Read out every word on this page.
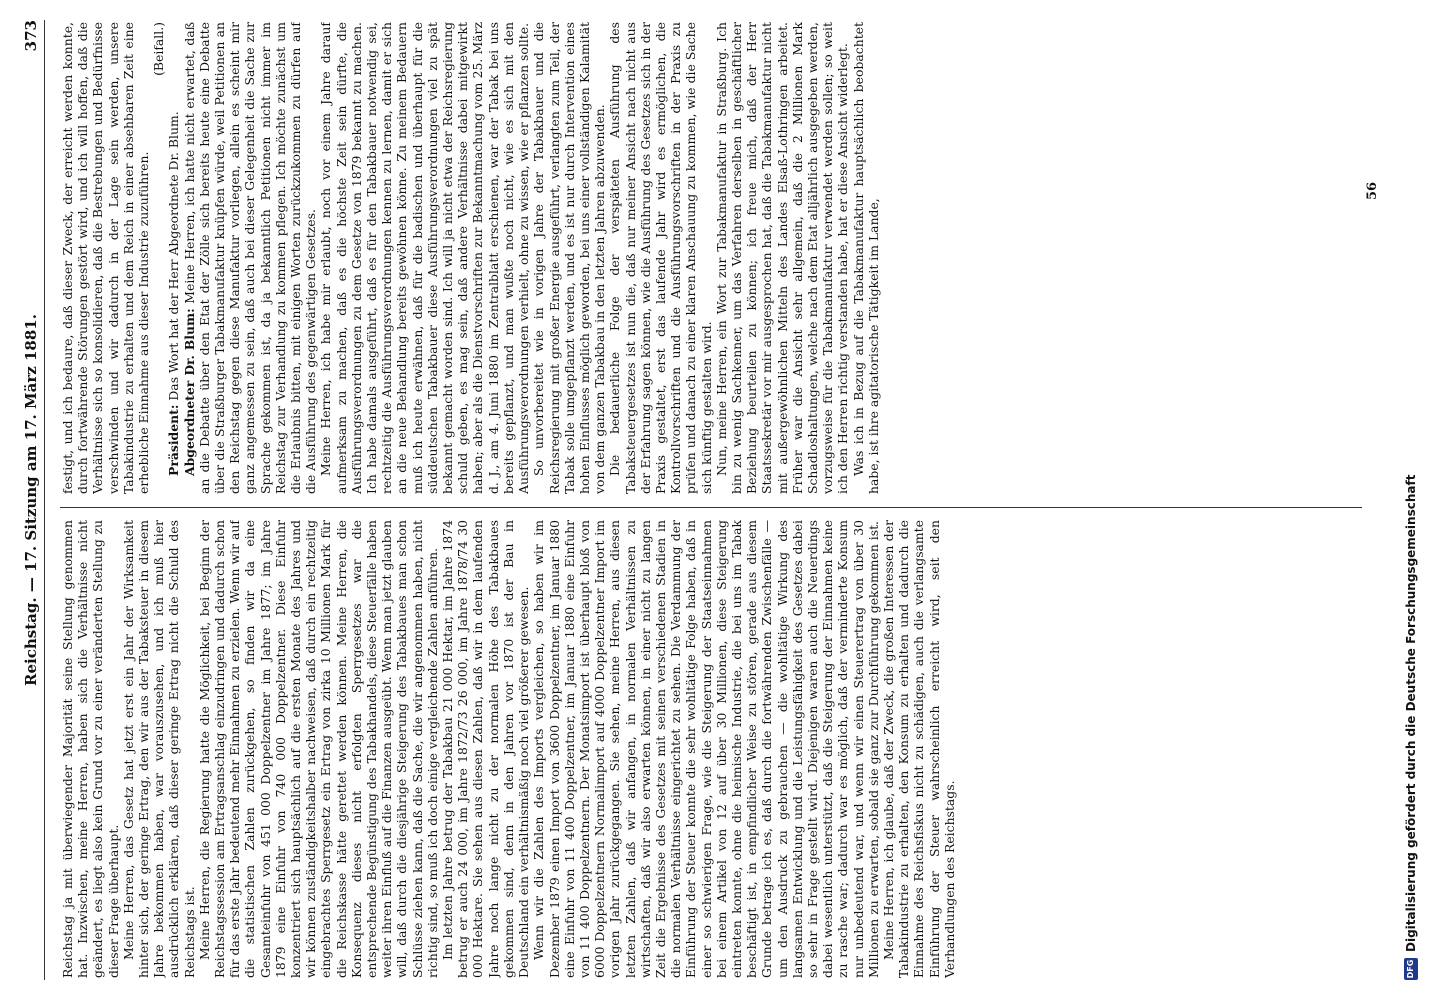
Reichstag. — 17. Sitzung am 17. März 1881.
373

Reichstag ja mit überwiegender Majorität seine Stellung genommen hat. Inzwischen, meine Herren, haben sich die Verhältnisse nicht geändert, es liegt also kein Grund vor zu einer veränderten Stellung zu dieser Frage überhaupt. Meine Herren, das Gesetz hat jetzt erst ein Jahr der Wirksamkeit hinter sich, der geringe Ertrag, den wir aus der Tabaksteuer in diesem Jahre bekommen haben, war vorauszusehen, und ich muß hier ausdrücklich erklären, daß dieser geringe Ertrag nicht die Schuld des Reichstags ist. Meine Herren, die Regierung hatte die Möglichkeit, bei Beginn der Reichstagssession am Ertragsanschlag einzudringen und dadurch schon für das erste Jahr bedeutend mehr Einnahmen zu erzielen. Wenn wir auf die statistischen Zahlen zurückgehen, so finden wir da eine Gesamteinfuhr von 451 000 Doppelzentner im Jahre 1877; im Jahre 1879 eine Einfuhr von 740 000 Doppelzentner. Diese Einfuhr konzentriert sich hauptsächlich auf die ersten Monate des Jahres und wir können zuständigkeitshalber nachweisen, daß durch ein rechtzeitig eingebrachtes Sperrgesetz ein Ertrag von zirka 10 Millionen Mark für die Reichskasse hätte gerettet werden können. Meine Herren, die Konsequenz dieses nicht erfolgten Sperrgesetzes war die entsprechende Begünstigung des Tabakhandels, diese Steuerfälle haben weiter ihren Einfluß auf die Finanzen ausgeübt. Wenn man jetzt glauben will, daß durch die diesjährige Steigerung des Tabakbaues man schon Schlüsse ziehen kann, daß die Sache, die wir angenommen haben, nicht richtig sind, so muß ich doch einige vergleichende Zahlen anführen. Im letzten Jahre betrug der Tabakbau 21 000 Hektar, im Jahre 1874 betrug er auch 24 000, im Jahre 1872/73 26 000, im Jahre 1878/74 30 000 Hektare. Sie sehen aus diesen Zahlen, daß wir in dem laufenden Jahre noch lange nicht zu der normalen Höhe des Tabakbaues gekommen sind, denn in den Jahren vor 1870 ist der Bau in Deutschland ein verhältnismäßig noch viel größerer gewesen. Wenn wir die Zahlen des Imports vergleichen, so haben wir im Dezember 1879 einen Import von 3600 Doppelzentner, im Januar 1880 eine Einfuhr von 11 400 Doppelzentner, im Januar 1880 eine Einfuhr von 11 400 Doppelzentnern. Der Monatsimport ist überhaupt bloß von 6000 Doppelzentnern Normalimport auf 4000 Doppelzentner Import im vorigen Jahr zurückgegangen. Sie sehen, meine Herren, aus diesen letzten Zahlen, daß wir anfangen, in normalen Verhältnissen zu wirtschaften, daß wir also erwarten können, in einer nicht zu langen Zeit die Ergebnisse des Gesetzes mit seinen verschiedenen Stadien in die normalen Verhältnisse eingerichtet zu sehen. Die Verdammung der Einführung der Steuer konnte die sehr wohltätige Folge haben, daß in einer so schwierigen Frage, wie die Steigerung der Staatseinnahmen bei einem Artikel von 12 auf über 30 Millionen, diese Steigerung eintreten konnte, ohne die heimische Industrie, die bei uns im Tabak beschäftigt ist, in empfindlicher Weise zu stören, gerade aus diesem Grunde betrage ich es, daß durch die fortwährenden Zwischenfälle — um den Ausdruck zu gebrauchen — die wohltätige Wirkung des langsamen Entwicklung und die Leistungsfähigkeit des Gesetzes dabei so sehr in Frage gestellt wird. Diejenigen waren auch die Neuerdings dabei wesentlich unterstützt, daß die Steigerung der Einnahmen keine zu rasche war; dadurch war es möglich, daß der verminderte Konsum nur unbedeutend war, und wenn wir einen Steuerertrag von über 30 Millionen zu erwarten, sobald sie ganz zur Durchführung gekommen ist. Meine Herren, ich glaube, daß der Zweck, die großen Interessen der Tabakindustrie zu erhalten, den Konsum zu erhalten und dadurch die Einnahme des Reichsfiskus nicht zu schädigen, auch die verlangsamte Einführung der Steuer wahrscheinlich erreicht wird, seit den Verhandlungen des Reichstags.

festigt, und ich bedaure, daß dieser Zweck, der erreicht werden konnte, durch fortwährende Störungen gestört wird, und ich will hoffen, daß die Verhältnisse sich so konsolidieren, daß die Bestrebungen und Bedürfnisse verschwinden und wir dadurch in der Lage sein werden, unsere Tabakindustrie zu erhalten und dem Reich in einer absehbaren Zeit eine erhebliche Einnahme aus dieser Industrie zuzuführen.

(Beifall.)

Präsident: Das Wort hat der Herr Abgeordnete Dr. Blum. Abgeordneter Dr. Blum: Meine Herren, ich hatte nicht erwartet, daß an die Debatte über den Etat der Zölle sich bereits heute eine Debatte über die Straßburger Tabakmanufaktur knüpfen würde, weil Petitionen an den Reichstag gegen diese Manufaktur vorliegen, allein es scheint mir ganz angemessen zu sein, daß auch bei dieser Gelegenheit die Sache zur Sprache gekommen ist, da ja bekanntlich Petitionen nicht immer im Reichstag zur Verhandlung zu kommen pflegen. Ich möchte zunächst um die Erlaubnis bitten, mit einigen Worten zurückzukommen zu dürfen auf die Ausführung des gegenwärtigen Gesetzes. Meine Herren, ich habe mir erlaubt, noch vor einem Jahre darauf aufmerksam zu machen, daß es die höchste Zeit sein dürfte, die Ausführungsverordnungen zu dem Gesetze von 1879 bekannt zu machen. Ich habe damals ausgeführt, daß es für den Tabakbauer notwendig sei, rechtzeitig die Ausführungsverordnungen kennen zu lernen, damit er sich an die neue Behandlung bereits gewöhnen könne. Zu meinem Bedauern muß ich heute erwähnen, daß für die badischen und überhaupt für die süddeutschen Tabakbauer diese Ausführungsverordnungen viel zu spät bekannt gemacht worden sind. Ich will ja nicht etwa der Reichsregierung schuld geben, es mag sein, daß andere Verhältnisse dabei mitgewirkt haben; aber als die Dienstvorschriften zur Bekanntmachung vom 25. März d. J., am 4. Juni 1880 im Zentralblatt erschienen, war der Tabak bei uns bereits gepflanzt, und man wußte noch nicht, wie es sich mit den Ausführungsverordnungen verhielt, ohne zu wissen, wie er pflanzen sollte. So unvorbereitet wie in vorigen Jahre der Tabakbauer und die Reichsregierung mit großer Energie ausgeführt, verlangten zum Teil, der Tabak solle umgepflanzt werden, und es ist nur durch Intervention eines hohen Einflusses möglich geworden, bei uns einer vollständigen Kalamität von dem ganzen Tabakbau in den letzten Jahren abzuwenden. Die bedauerliche Folge der verspäteten Ausführung des Tabaksteuergesetzes ist nun die, daß nur meiner Ansicht nach nicht aus der Erfahrung sagen können, wie die Ausführung des Gesetzes sich in der Praxis gestaltet, erst das laufende Jahr wird es ermöglichen, die Kontrollvorschriften und die Ausführungsvorschriften in der Praxis zu prüfen und danach zu einer klaren Anschauung zu kommen, wie die Sache sich künftig gestalten wird. Nun, meine Herren, ein Wort zur Tabakmanufaktur in Straßburg. Ich bin zu wenig Sachkenner, um das Verfahren derselben in geschäftlicher Beziehung beurteilen zu können; ich freue mich, daß der Herr Staatssekretär vor mir ausgesprochen hat, daß die Tabakmanufaktur nicht mit außergewöhnlichen Mitteln des Landes Elsaß-Lothringen arbeitet. Früher war die Ansicht sehr allgemein, daß die 2 Millionen Mark Schadloshaltungen, welche nach dem Etat alljährlich ausgegeben werden, vorzugsweise für die Tabakmanufaktur verwendet werden sollen; so weit ich den Herren richtig verstanden habe, hat er diese Ansicht widerlegt. Was ich in Bezug auf die Tabakmanufaktur hauptsächlich beobachtet habe, ist ihre agitatorische Tätigkeit im Lande,

56
DFG
Digitalisierung gefördert durch die Deutsche Forschungsgemeinschaft
